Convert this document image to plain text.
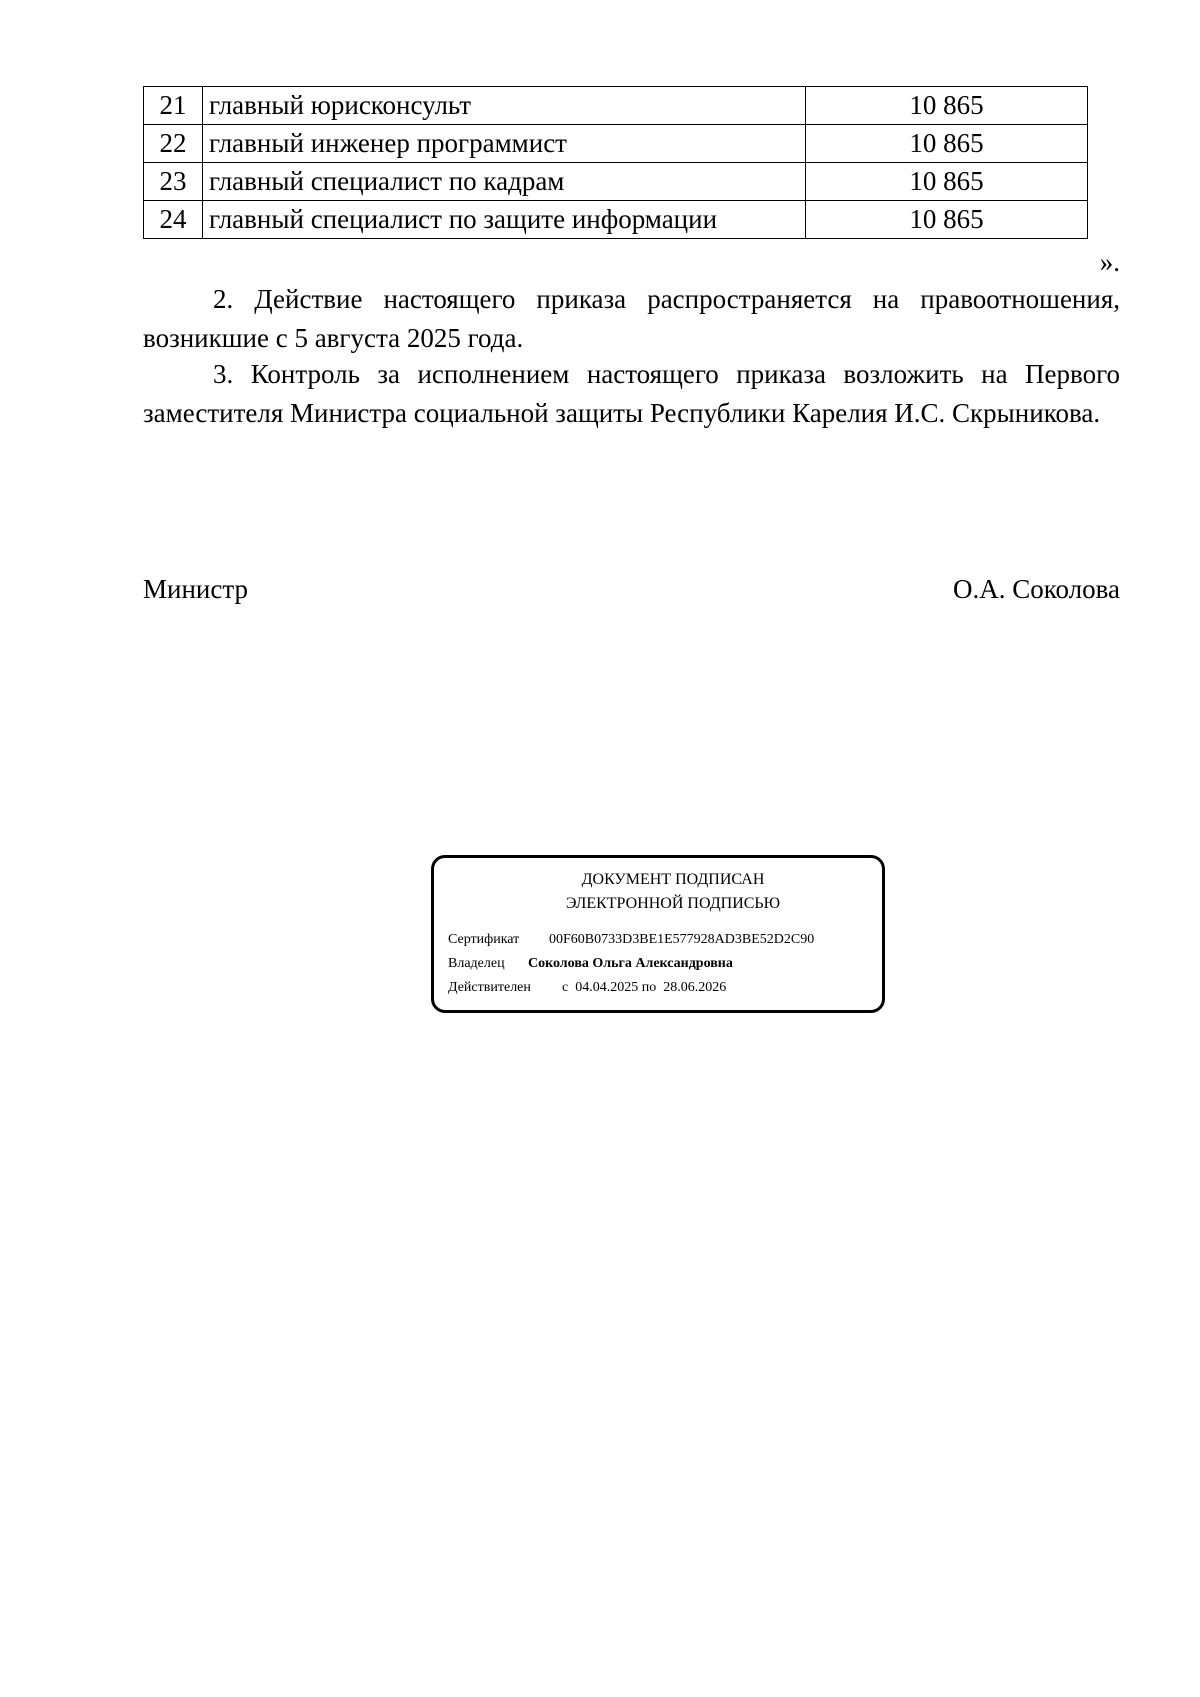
21	главный юрисконсульт	10 865
22	главный инженер программист	10 865
23	главный специалист по кадрам	10 865
24	главный специалист по защите информации	10 865
».
2. Действие настоящего приказа распространяется на правоотношения, возникшие с 5 августа 2025 года.
3. Контроль за исполнением настоящего приказа возложить на Первого заместителя Министра социальной защиты Республики Карелия И.С. Скрыникова.
Министр	О.А. Соколова
ДОКУМЕНТ ПОДПИСАН
ЭЛЕКТРОННОЙ ПОДПИСЬЮ
Сертификат 00F60B0733D3BE1E577928AD3BE52D2C90
Владелец Соколова Ольга Александровна
Действителен с  04.04.2025 по  28.06.2026
